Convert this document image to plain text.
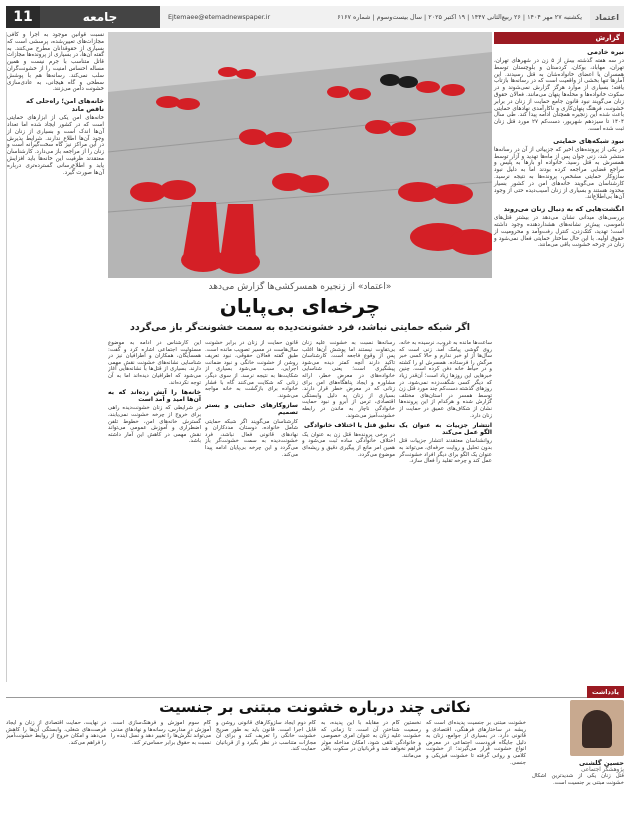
اعتماد
یکشنبه ۲۷ مهر ۱۴۰۴ | ۲۶ ربیع‌الثانی ۱۴۴۷ | ۱۹ اکتبر ۲۰۲۵ | سال بیست‌وسوم | شماره ۶۱۶۷
Ejtemaee@etemadnewspaper.ir
جامعه
11
گزارش
نیره خادمی

در سه هفته گذشته بیش از ۵ زن در شهرهای تهران، تهران، مهاباد، بوکان، کردستان و بلوچستان توسط همسران یا اعضای خانواده‌شان به قتل رسیدند. این آمارها تنها بخشی از واقعیت است که در رسانه‌ها بازتاب یافته؛ بسیاری از موارد هرگز گزارش نمی‌شوند و در سکوت خانواده‌ها و محله‌ها پنهان می‌مانند. فعالان حقوق زنان می‌گویند نبود قانون جامع حمایت از زنان در برابر خشونت، فرهنگ پنهان‌کاری و ناکارآمدی نهادهای حمایتی باعث شده این زنجیره همچنان ادامه پیدا کند. طی سال ۱۴۰۴ تا سیزدهم شهریور، دست‌کم ۲۷ مورد قتل زنان ثبت شده است.

نبود شبکه‌های حمایتی

در یکی از پرونده‌های اخیر که جزییاتی از آن در رسانه‌ها منتشر شد، زنی جوان پس از ماه‌ها تهدید و آزار توسط همسرش به قتل رسید. خانواده او بارها به پلیس و مراجع قضایی مراجعه کرده بودند اما به دلیل نبود سازوکار حمایتی مشخص، پرونده‌ها به نتیجه نرسید. کارشناسان می‌گویند خانه‌های امن در کشور بسیار محدود هستند و بسیاری از زنان آسیب‌دیده حتی از وجود آن‌ها بی‌اطلاع‌اند.

انگشت‌هایی که به دنبال زنان می‌روند

بررسی‌های میدانی نشان می‌دهد در بیشتر قتل‌های ناموسی، پیش‌تر نشانه‌های هشداردهنده وجود داشته است؛ تهدید، کتک‌زدن، کنترل رفت‌وآمد و محرومیت از حقوق اولیه. با این حال ساختار حمایتی فعال نمی‌شود و زنان در چرخه خشونت باقی می‌مانند.

نسبت قوانین موجود به اجرا و کافی مجازات‌های تعیین‌شده، پرسشی است که بسیاری از حقوقدانان مطرح می‌کنند. به گفته آن‌ها، در بسیاری از پرونده‌ها مجازات قاتل متناسب با جرم نیست و همین مساله احساس امنیت را از خشونت‌گران سلب نمی‌کند. رسانه‌ها هم با پوشش سطحی و گاه هیجانی، به عادی‌سازی خشونت دامن می‌زنند.

خانه‌های امن؛ راه‌حلی که ناقص ماند

خانه‌های امن یکی از ابزارهای حمایتی است که در کشور ایجاد شده اما تعداد آن‌ها اندک است و بسیاری از زنان از وجود آن‌ها اطلاع ندارند. شرایط پذیرش در این مراکز نیز گاه سخت‌گیرانه است و زنان را از مراجعه باز می‌دارد. کارشناسان معتقدند ظرفیت این خانه‌ها باید افزایش یابد و اطلاع‌رسانی گسترده‌تری درباره آن‌ها صورت گیرد.

«اعتماد» از زنجیره همسرکشی‌ها گزارش می‌دهد
چرخه‌ای بی‌پایان
اگر شبکه حمایتی نباشد، فرد خشونت‌دیده به سمت خشونت‌گر باز می‌گردد

ساعت‌ها مانده به غروب، نرسیده به خانه، روی گوشی پیامک آمد. زنی است که سال‌ها از او خبر ندارم و حالا کسی خبر مرگش را فرستاده. همسرش او را کشته و در حیاط خانه دفن کرده است. چنین خبرهایی این روزها زیاد است؛ آن‌قدر زیاد که دیگر کسی شگفت‌زده نمی‌شود. در روزهای گذشته دست‌کم چند مورد قتل زن توسط همسر در استان‌های مختلف گزارش شده و هرکدام از این پرونده‌ها نشان از شکاف‌های عمیق در حمایت از زنان دارد.

انتشار جزییات به عنوان یک الگو عمل می‌کند

روانشناسان معتقدند انتشار جزییات قتل بدون تحلیل و روایت حرفه‌ای، می‌تواند به عنوان یک الگو برای دیگر افراد خشونت‌گر عمل کند و چرخه تقلید را فعال سازد.

رسانه‌ها نسبت به خشونت علیه زنان بی‌تفاوت نیستند اما پوشش آن‌ها اغلب پس از وقوع فاجعه است. کارشناسان تاکید دارند آنچه کمتر دیده می‌شود پیشگیری است؛ یعنی شناسایی خانواده‌های در معرض خطر، ارائه مشاوره و ایجاد پناهگاه‌های امن برای زنانی که در معرض خطر قرار دارند. بسیاری از زنان به دلیل وابستگی اقتصادی، ترس از آبرو و نبود حمایت خانوادگی ناچار به ماندن در رابطه خشونت‌آمیز می‌شوند.

تعلیق قتل یا اختلاف خانوادگی

در برخی پرونده‌ها قتل زن به عنوان یک اختلاف خانوادگی ساده ثبت می‌شود و همین امر مانع از پیگیری دقیق و ریشه‌ای موضوع می‌گردد.

قانون حمایت از زنان در برابر خشونت سال‌هاست در مسیر تصویب مانده است. طبق گفته فعالان حقوقی، نبود تعریف روشن از خشونت خانگی و نبود ضمانت اجرایی، سبب می‌شود بسیاری از شکایت‌ها به نتیجه نرسد. از سوی دیگر، زنانی که شکایت می‌کنند گاه با فشار خانواده برای بازگشت به خانه مواجه می‌شوند.

سازوکارهای حمایتی و بستر تصمیم

کارشناسان می‌گویند اگر شبکه حمایتی شامل خانواده، دوستان، مددکاران و نهادهای قانونی فعال نباشد، فرد خشونت‌دیده به سمت خشونت‌گر باز می‌گردد و این چرخه بی‌پایان ادامه پیدا می‌کند.

این کارشناس در ادامه به موضوع مسئولیت اجتماعی اشاره کرد و گفت: همسایگان، همکاران و اطرافیان نیز در شناسایی نشانه‌های خشونت نقش مهمی دارند. بسیاری از قتل‌ها با نشانه‌هایی آغاز می‌شود که اطرافیان دیده‌اند اما به آن توجه نکرده‌اند.

خانه‌ها را آتش زده‌اند که به آن‌ها امید و آمد است

در شرایطی که زنان خشونت‌دیده راهی برای خروج از چرخه خشونت نمی‌یابند، گسترش خانه‌های امن، خطوط تلفن اضطراری و آموزش عمومی می‌تواند نقش مهمی در کاهش این آمار داشته باشد.

یادداشت
نکاتی چند درباره خشونت مبتنی بر جنسیت
حسین گلشنی
پژوهشگر اجتماعی
قتل زنان یکی از شدیدترین اشکال خشونت مبتنی بر جنسیت است.
خشونت مبتنی بر جنسیت پدیده‌ای است که ریشه در ساختارهای فرهنگی، اقتصادی و قانونی دارد. در بسیاری از جوامع، زنان به دلیل جایگاه فرودست اجتماعی در معرض انواع خشونت قرار می‌گیرند؛ از خشونت کلامی و روانی گرفته تا خشونت فیزیکی و جنسی.
نخستین گام در مقابله با این پدیده، به رسمیت شناختن آن است. تا زمانی که خشونت علیه زنان به عنوان امری خصوصی و خانوادگی تلقی شود، امکان مداخله موثر فراهم نخواهد شد و قربانیان در سکوت باقی می‌مانند.
گام دوم ایجاد سازوکارهای قانونی روشن و قابل اجرا است. قانون باید به طور صریح خشونت خانگی را تعریف کند و برای آن مجازات متناسب در نظر بگیرد و از قربانیان حمایت کند.
گام سوم آموزش و فرهنگ‌سازی است. آموزش در مدارس، رسانه‌ها و نهادهای مدنی می‌تواند نگرش‌ها را تغییر دهد و نسل آینده را نسبت به حقوق برابر حساس‌تر کند.
در نهایت، حمایت اقتصادی از زنان و ایجاد فرصت‌های شغلی، وابستگی آن‌ها را کاهش می‌دهد و امکان خروج از روابط خشونت‌آمیز را فراهم می‌کند.
